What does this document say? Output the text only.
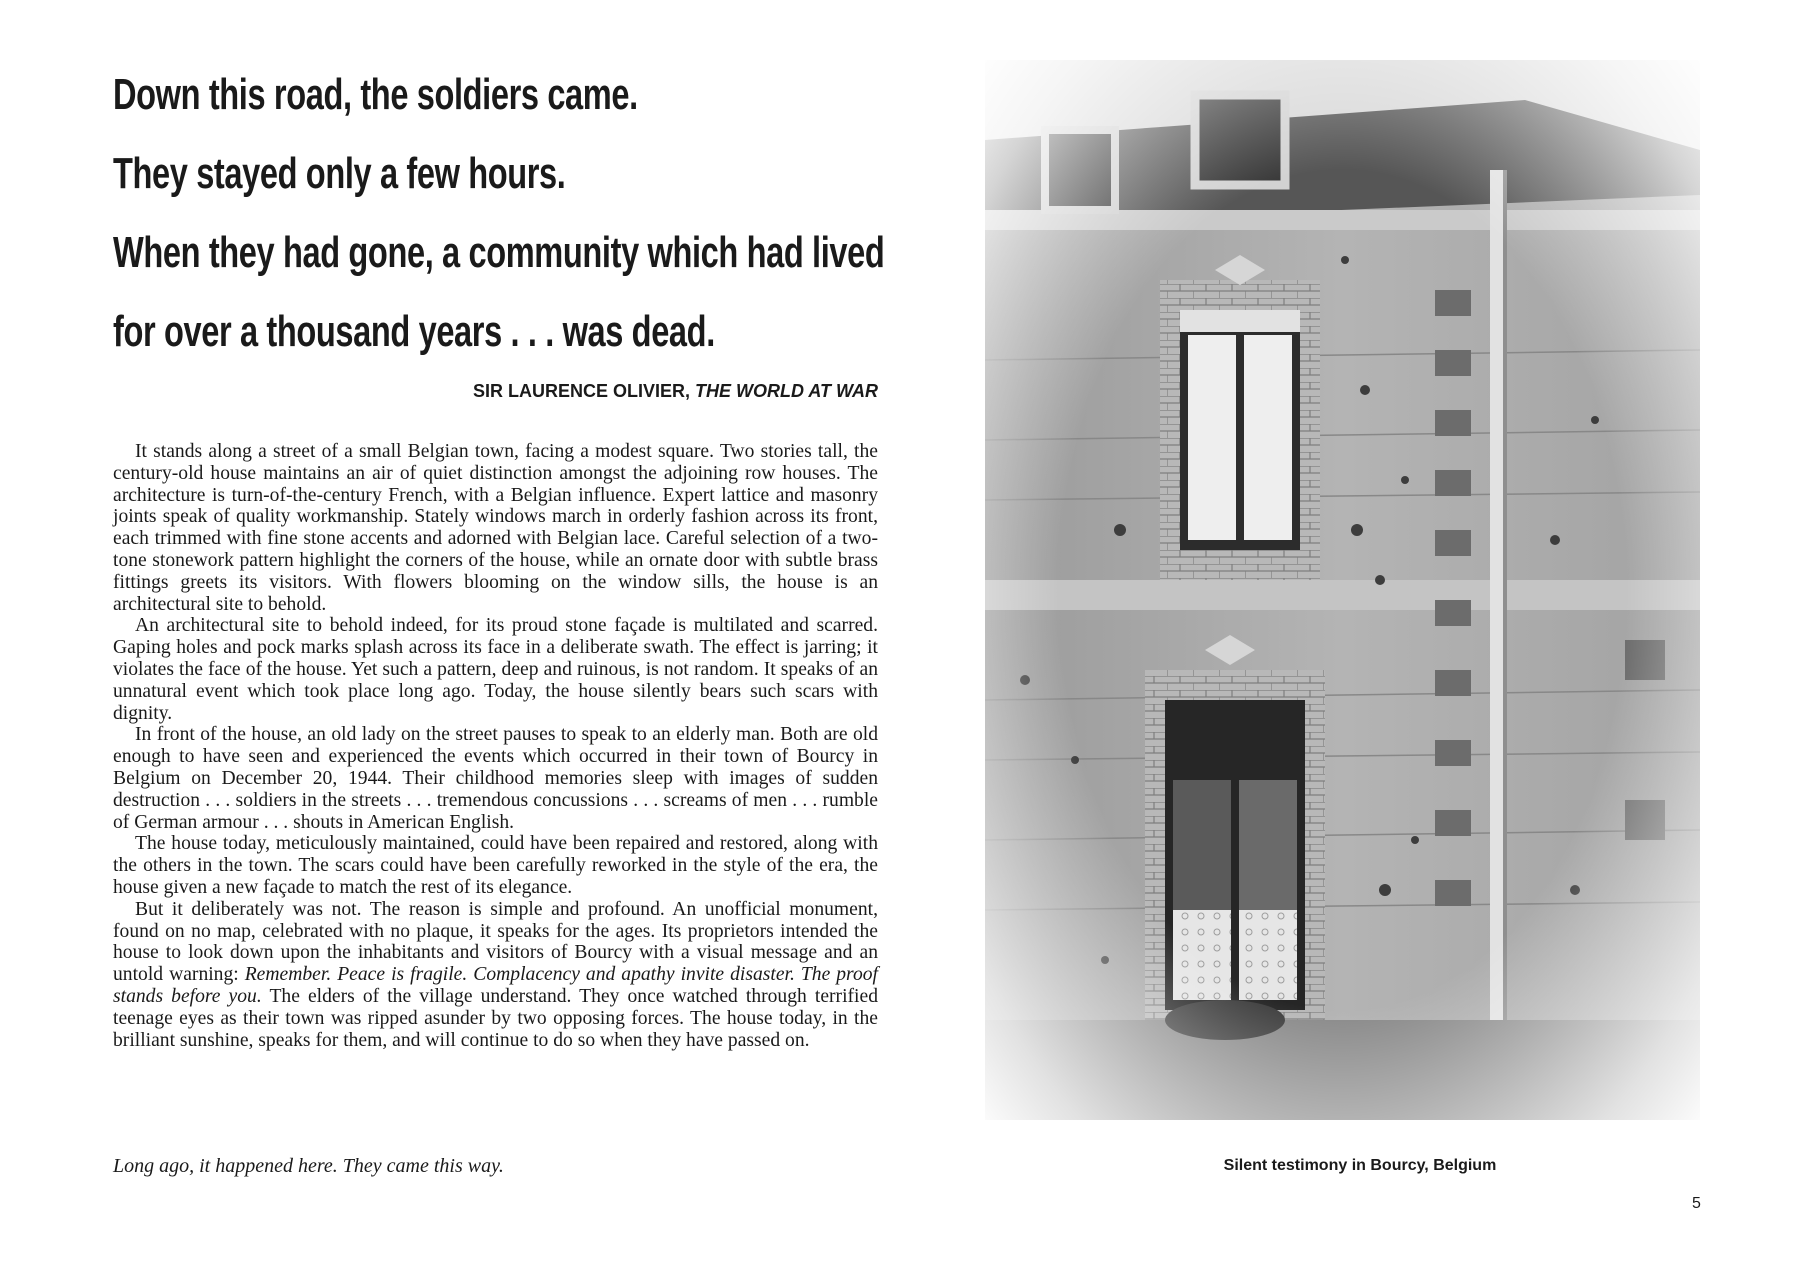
Down this road, the soldiers came.
They stayed only a few hours.
When they had gone, a community which had lived
for over a thousand years . . . was dead.
SIR LAURENCE OLIVIER, THE WORLD AT WAR

It stands along a street of a small Belgian town, facing a modest square. Two stories tall, the century-old house maintains an air of quiet distinction amongst the adjoining row houses. The architecture is turn-of-the-century French, with a Belgian influence. Expert lattice and masonry joints speak of quality workmanship. Stately windows march in orderly fashion across its front, each trimmed with fine stone accents and adorned with Belgian lace. Careful selection of a two-tone stonework pattern highlight the corners of the house, while an ornate door with subtle brass fittings greets its visitors. With flowers blooming on the window sills, the house is an architectural site to behold.

An architectural site to behold indeed, for its proud stone façade is multilated and scarred. Gaping holes and pock marks splash across its face in a deliberate swath. The effect is jarring; it violates the face of the house. Yet such a pattern, deep and ruinous, is not random. It speaks of an unnatural event which took place long ago. Today, the house silently bears such scars with dignity.

In front of the house, an old lady on the street pauses to speak to an elderly man. Both are old enough to have seen and experienced the events which occurred in their town of Bourcy in Belgium on December 20, 1944. Their childhood memories sleep with images of sudden destruction . . . soldiers in the streets . . . tremendous concussions . . . screams of men . . . rumble of German armour . . . shouts in American English.

The house today, meticulously maintained, could have been repaired and restored, along with the others in the town. The scars could have been carefully reworked in the style of the era, the house given a new façade to match the rest of its elegance.

But it deliberately was not. The reason is simple and profound. An unofficial monument, found on no map, celebrated with no plaque, it speaks for the ages. Its proprietors intended the house to look down upon the inhabitants and visitors of Bourcy with a visual message and an untold warning: Remember. Peace is fragile. Complacency and apathy invite disaster. The proof stands before you. The elders of the village understand. They once watched through terrified teenage eyes as their town was ripped asunder by two opposing forces. The house today, in the brilliant sunshine, speaks for them, and will continue to do so when they have passed on.

Long ago, it happened here. They came this way.	Silent testimony in Bourcy, Belgium
5
